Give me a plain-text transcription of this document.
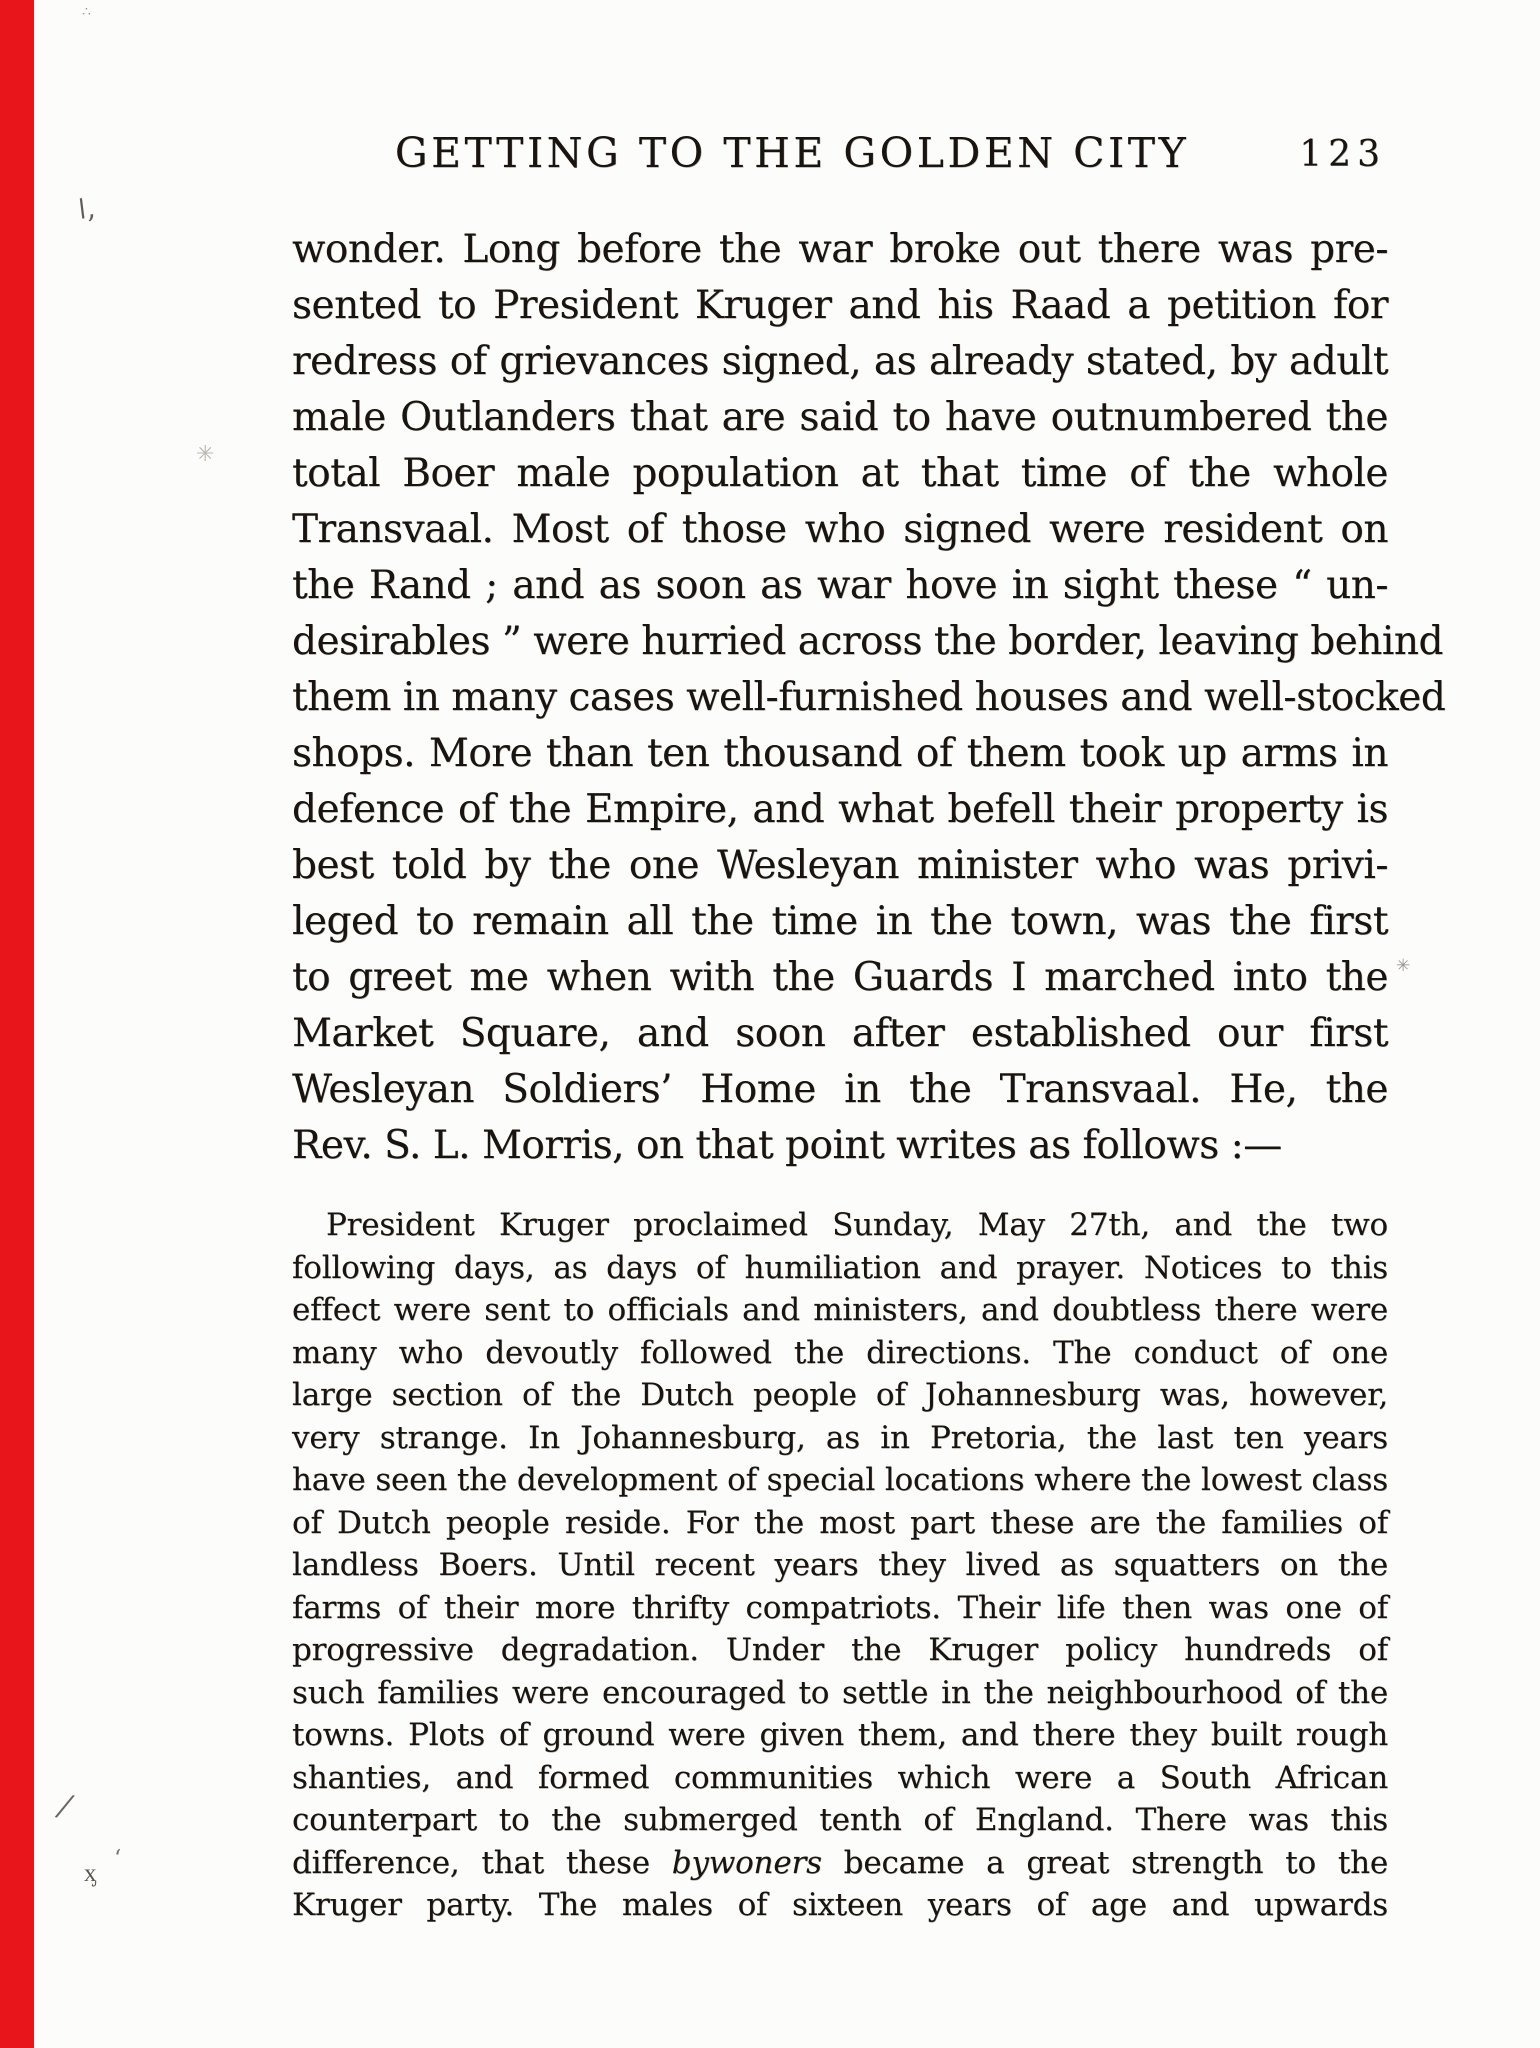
∴
ǀ,
✳
✳
⁄
ᶍ ʻ
GETTING TO THE GOLDEN CITY	123
wonder. Long before the war broke out there was pre-
sented to President Kruger and his Raad a petition for
redress of grievances signed, as already stated, by adult
male Outlanders that are said to have outnumbered the
total Boer male population at that time of the whole
Transvaal. Most of those who signed were resident on
the Rand ; and as soon as war hove in sight these “ un-
desirables ” were hurried across the border, leaving behind
them in many cases well-furnished houses and well-stocked
shops. More than ten thousand of them took up arms in
defence of the Empire, and what befell their property is
best told by the one Wesleyan minister who was privi-
leged to remain all the time in the town, was the first
to greet me when with the Guards I marched into the
Market Square, and soon after established our first
Wesleyan Soldiers’ Home in the Transvaal. He, the
Rev. S. L. Morris, on that point writes as follows :—
President Kruger proclaimed Sunday, May 27th, and the two
following days, as days of humiliation and prayer. Notices to this
effect were sent to officials and ministers, and doubtless there were
many who devoutly followed the directions. The conduct of one
large section of the Dutch people of Johannesburg was, however,
very strange. In Johannesburg, as in Pretoria, the last ten years
have seen the development of special locations where the lowest class
of Dutch people reside. For the most part these are the families of
landless Boers. Until recent years they lived as squatters on the
farms of their more thrifty compatriots. Their life then was one of
progressive degradation. Under the Kruger policy hundreds of
such families were encouraged to settle in the neighbourhood of the
towns. Plots of ground were given them, and there they built rough
shanties, and formed communities which were a South African
counterpart to the submerged tenth of England. There was this
difference, that these bywoners became a great strength to the
Kruger party. The males of sixteen years of age and upwards
